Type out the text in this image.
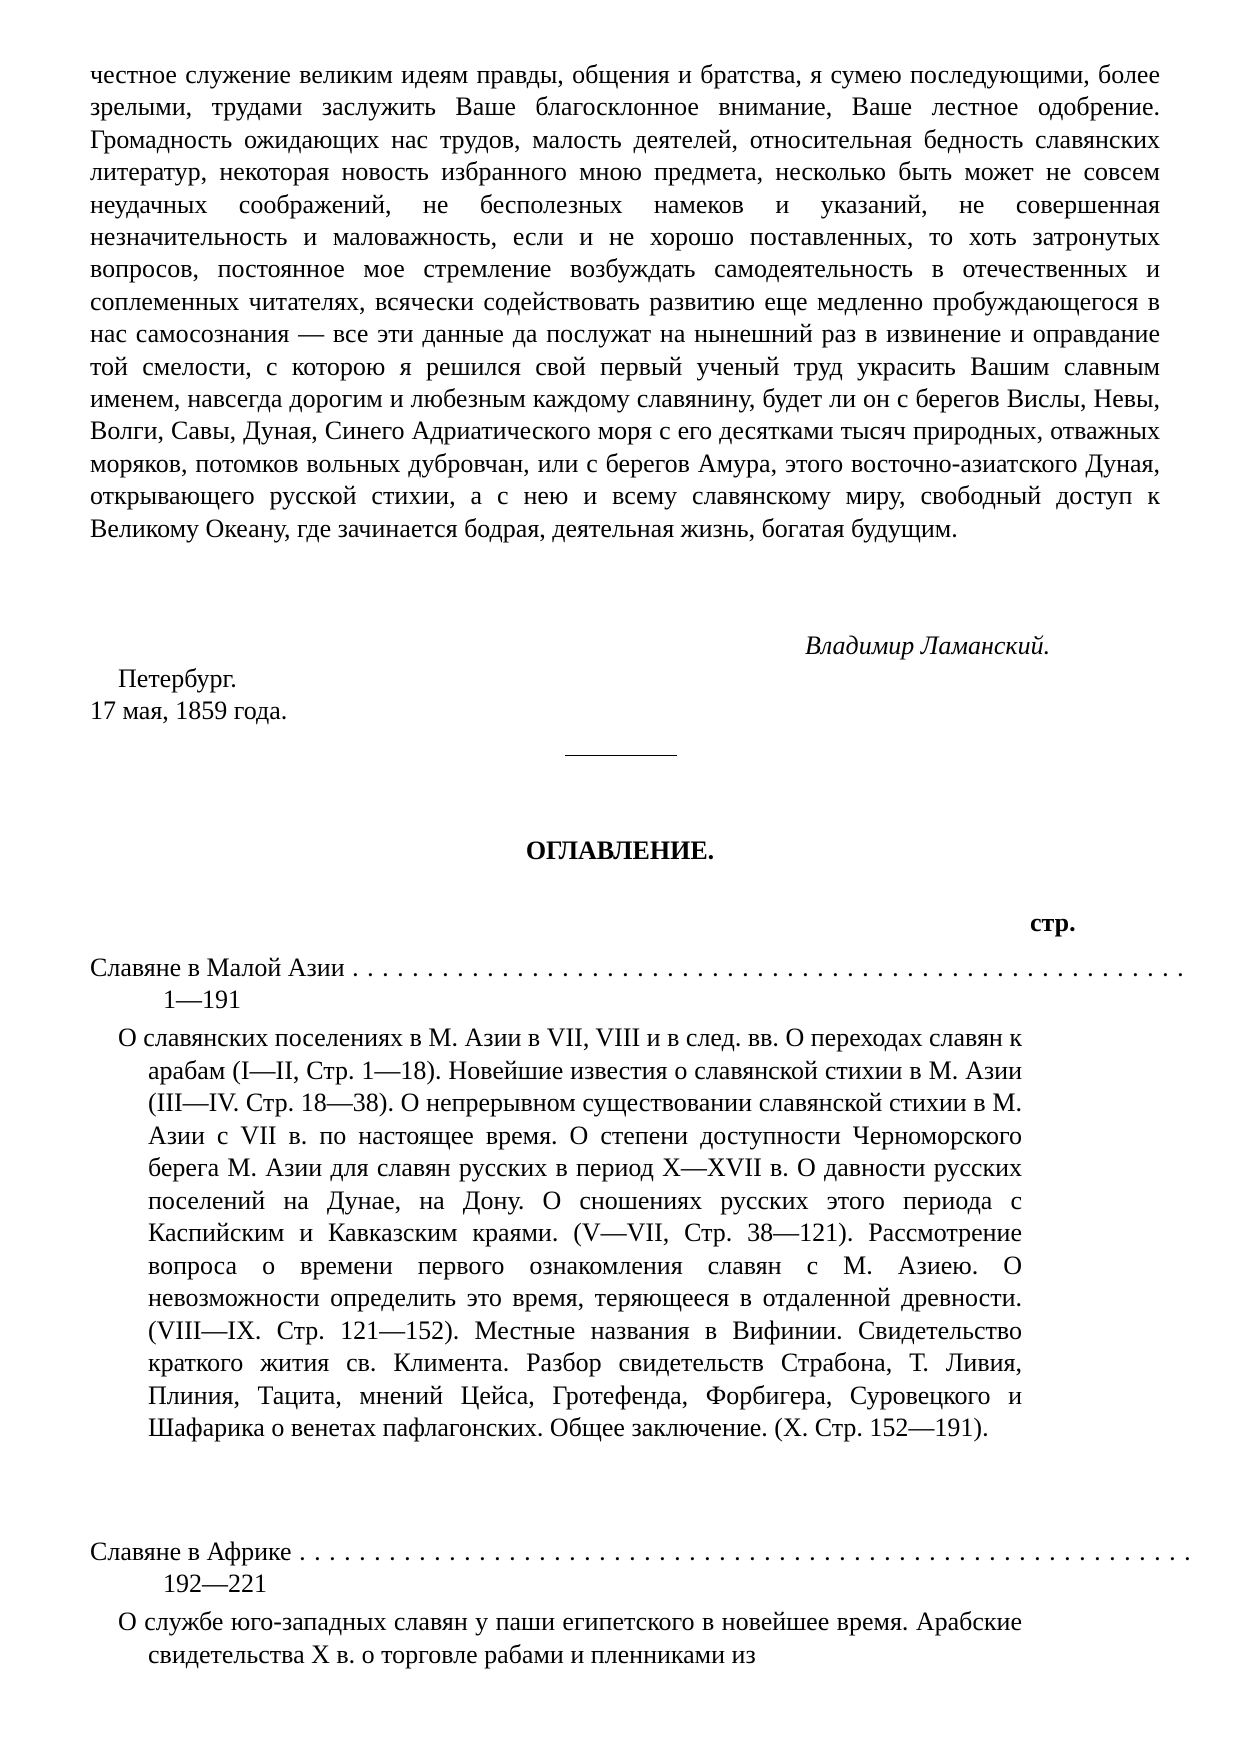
честное служение великим идеям правды, общения и братства, я сумею последующими, более зрелыми, трудами заслужить Ваше благосклонное внимание, Ваше лестное одобрение. Громадность ожидающих нас трудов, малость деятелей, относительная бедность славянских литератур, некоторая новость избранного мною предмета, несколько быть может не совсем неудачных соображений, не бесполезных намеков и указаний, не совершенная незначительность и маловажность, если и не хорошо поставленных, то хоть затронутых вопросов, постоянное мое стремление возбуждать самодеятельность в отечественных и соплеменных читателях, всячески содействовать развитию еще медленно пробуждающегося в нас самосознания — все эти данные да послужат на нынешний раз в извинение и оправдание той смелости, с которою я решился свой первый ученый труд украсить Вашим славным именем, навсегда дорогим и любезным каждому славянину, будет ли он с берегов Вислы, Невы, Волги, Савы, Дуная, Синего Адриатического моря с его десятками тысяч природных, отважных моряков, потомков вольных дубровчан, или с берегов Амура, этого восточно-азиатского Дуная, открывающего русской стихии, а с нею и всему славянскому миру, свободный доступ к Великому Океану, где зачинается бодрая, деятельная жизнь, богатая будущим.

Владимир Ламанский.

Петербург.

17 мая, 1859 года.

ОГЛАВЛЕНИЕ.
стр.
Славяне в Малой Азии . . . . . . . . . . . . . . . . . . . . . . . . . . . . . . . . . . . . . . . . . . . . . . . . . . . . . . . .
1—191

О славянских поселениях в М. Азии в VII, VIII и в след. вв. О переходах славян к арабам (I—II, Стр. 1—18). Новейшие известия о славянской стихии в М. Азии (III—IV. Стр. 18—38). О непрерывном существовании славянской стихии в М. Азии с VII в. по настоящее время. О степени доступности Черноморского берега М. Азии для славян русских в период X—XVII в. О давности русских поселений на Дунае, на Дону. О сношениях русских этого периода с Каспийским и Кавказским краями. (V—VII, Стр. 38—121). Рассмотрение вопроса о времени первого ознакомления славян с М. Азиею. О невозможности определить это время, теряющееся в отдаленной древности. (VIII—IX. Стр. 121—152). Местные названия в Вифинии. Свидетельство краткого жития св. Климента. Разбор свидетельств Страбона, Т. Ливия, Плиния, Тацита, мнений Цейса, Гротефенда, Форбигера, Суровецкого и Шафарика о венетах пафлагонских. Общее заключение. (X. Стр. 152—191).

Славяне в Африке . . . . . . . . . . . . . . . . . . . . . . . . . . . . . . . . . . . . . . . . . . . . . . . . . . . . . . . . . . . .
192—221

О службе юго-западных славян у паши египетского в новейшее время. Арабские свидетельства X в. о торговле рабами и пленниками из
